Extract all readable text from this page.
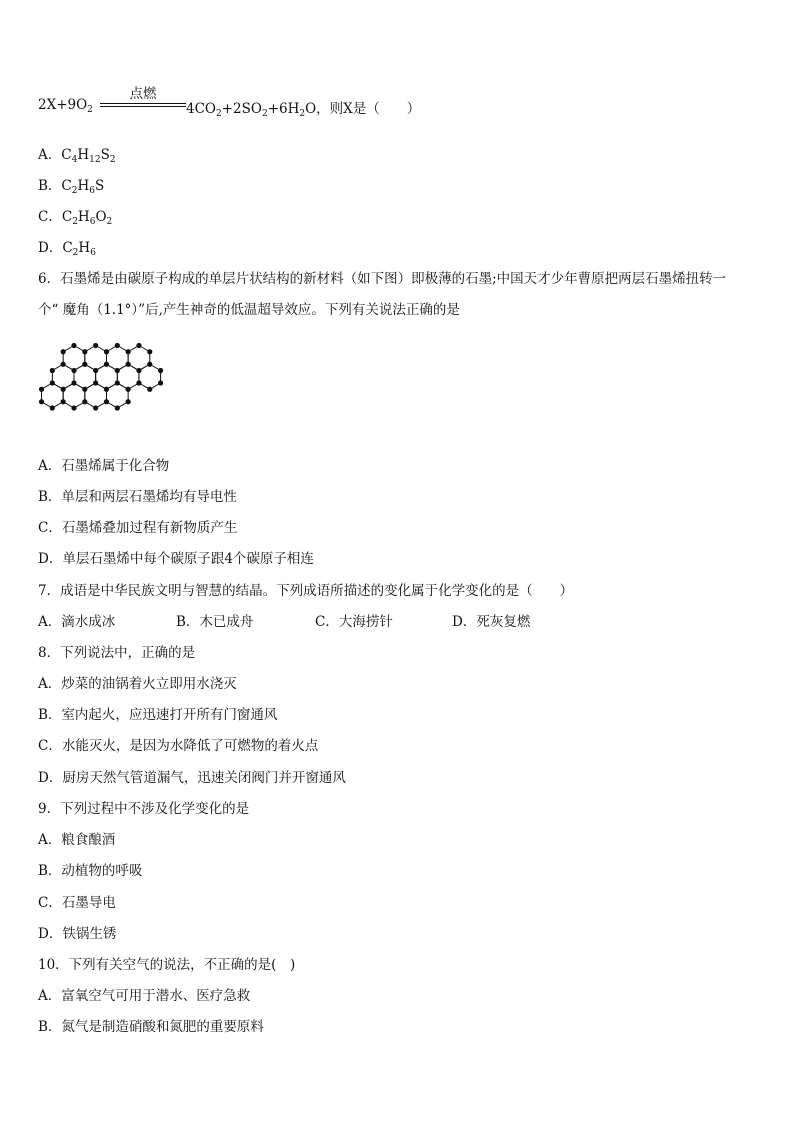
$2X+9O_2$
点燃
$4CO_2+2SO_2+6H_2O$，则X是（　　）
A．$C_4H_{12}S_2$
B．$C_2H_6S$
C．$C_2H_6O_2$
D．$C_2H_6$
6．石墨烯是由碳原子构成的单层片状结构的新材料（如下图）即极薄的石墨;中国天才少年曹原把两层石墨烯扭转一
个“ 魔角（1.1°）”后,产生神奇的低温超导效应。下列有关说法正确的是
A．石墨烯属于化合物
B．单层和两层石墨烯均有导电性
C．石墨烯叠加过程有新物质产生
D．单层石墨烯中每个碳原子跟4个碳原子相连
7．成语是中华民族文明与智慧的结晶。下列成语所描述的变化属于化学变化的是（　　）
A．滴水成冰	B．木已成舟	C．大海捞针	D．死灰复燃
8．下列说法中，正确的是
A．炒菜的油锅着火立即用水浇灭
B．室内起火，应迅速打开所有门窗通风
C．水能灭火，是因为水降低了可燃物的着火点
D．厨房天然气管道漏气，迅速关闭阀门并开窗通风
9．下列过程中不涉及化学变化的是
A．粮食酿酒
B．动植物的呼吸
C．石墨导电
D．铁锅生锈
10．下列有关空气的说法，不正确的是(　)
A．富氧空气可用于潜水、医疗急救
B．氮气是制造硝酸和氮肥的重要原料
